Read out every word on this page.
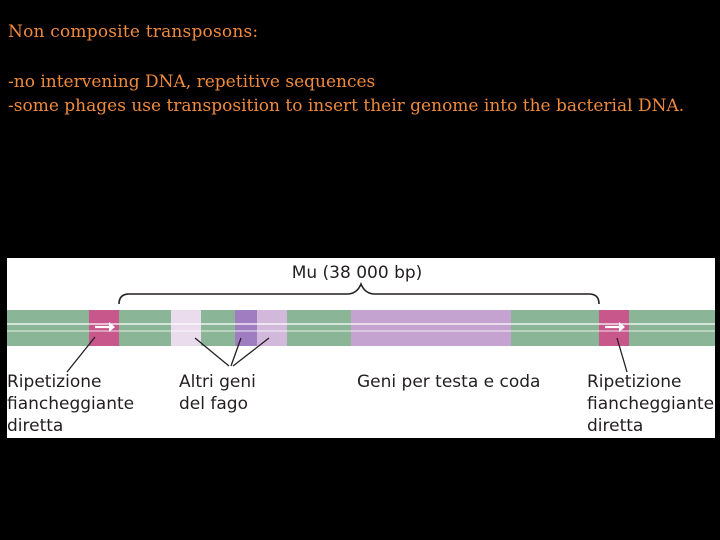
Non composite transposons:
-no intervening DNA, repetitive sequences
-some phages use transposition to insert their genome into the bacterial DNA.
Mu (38 000 bp)
Ripetizione fiancheggiante diretta
Altri geni del fago
Geni per testa e coda	Ripetizione fiancheggiante diretta
